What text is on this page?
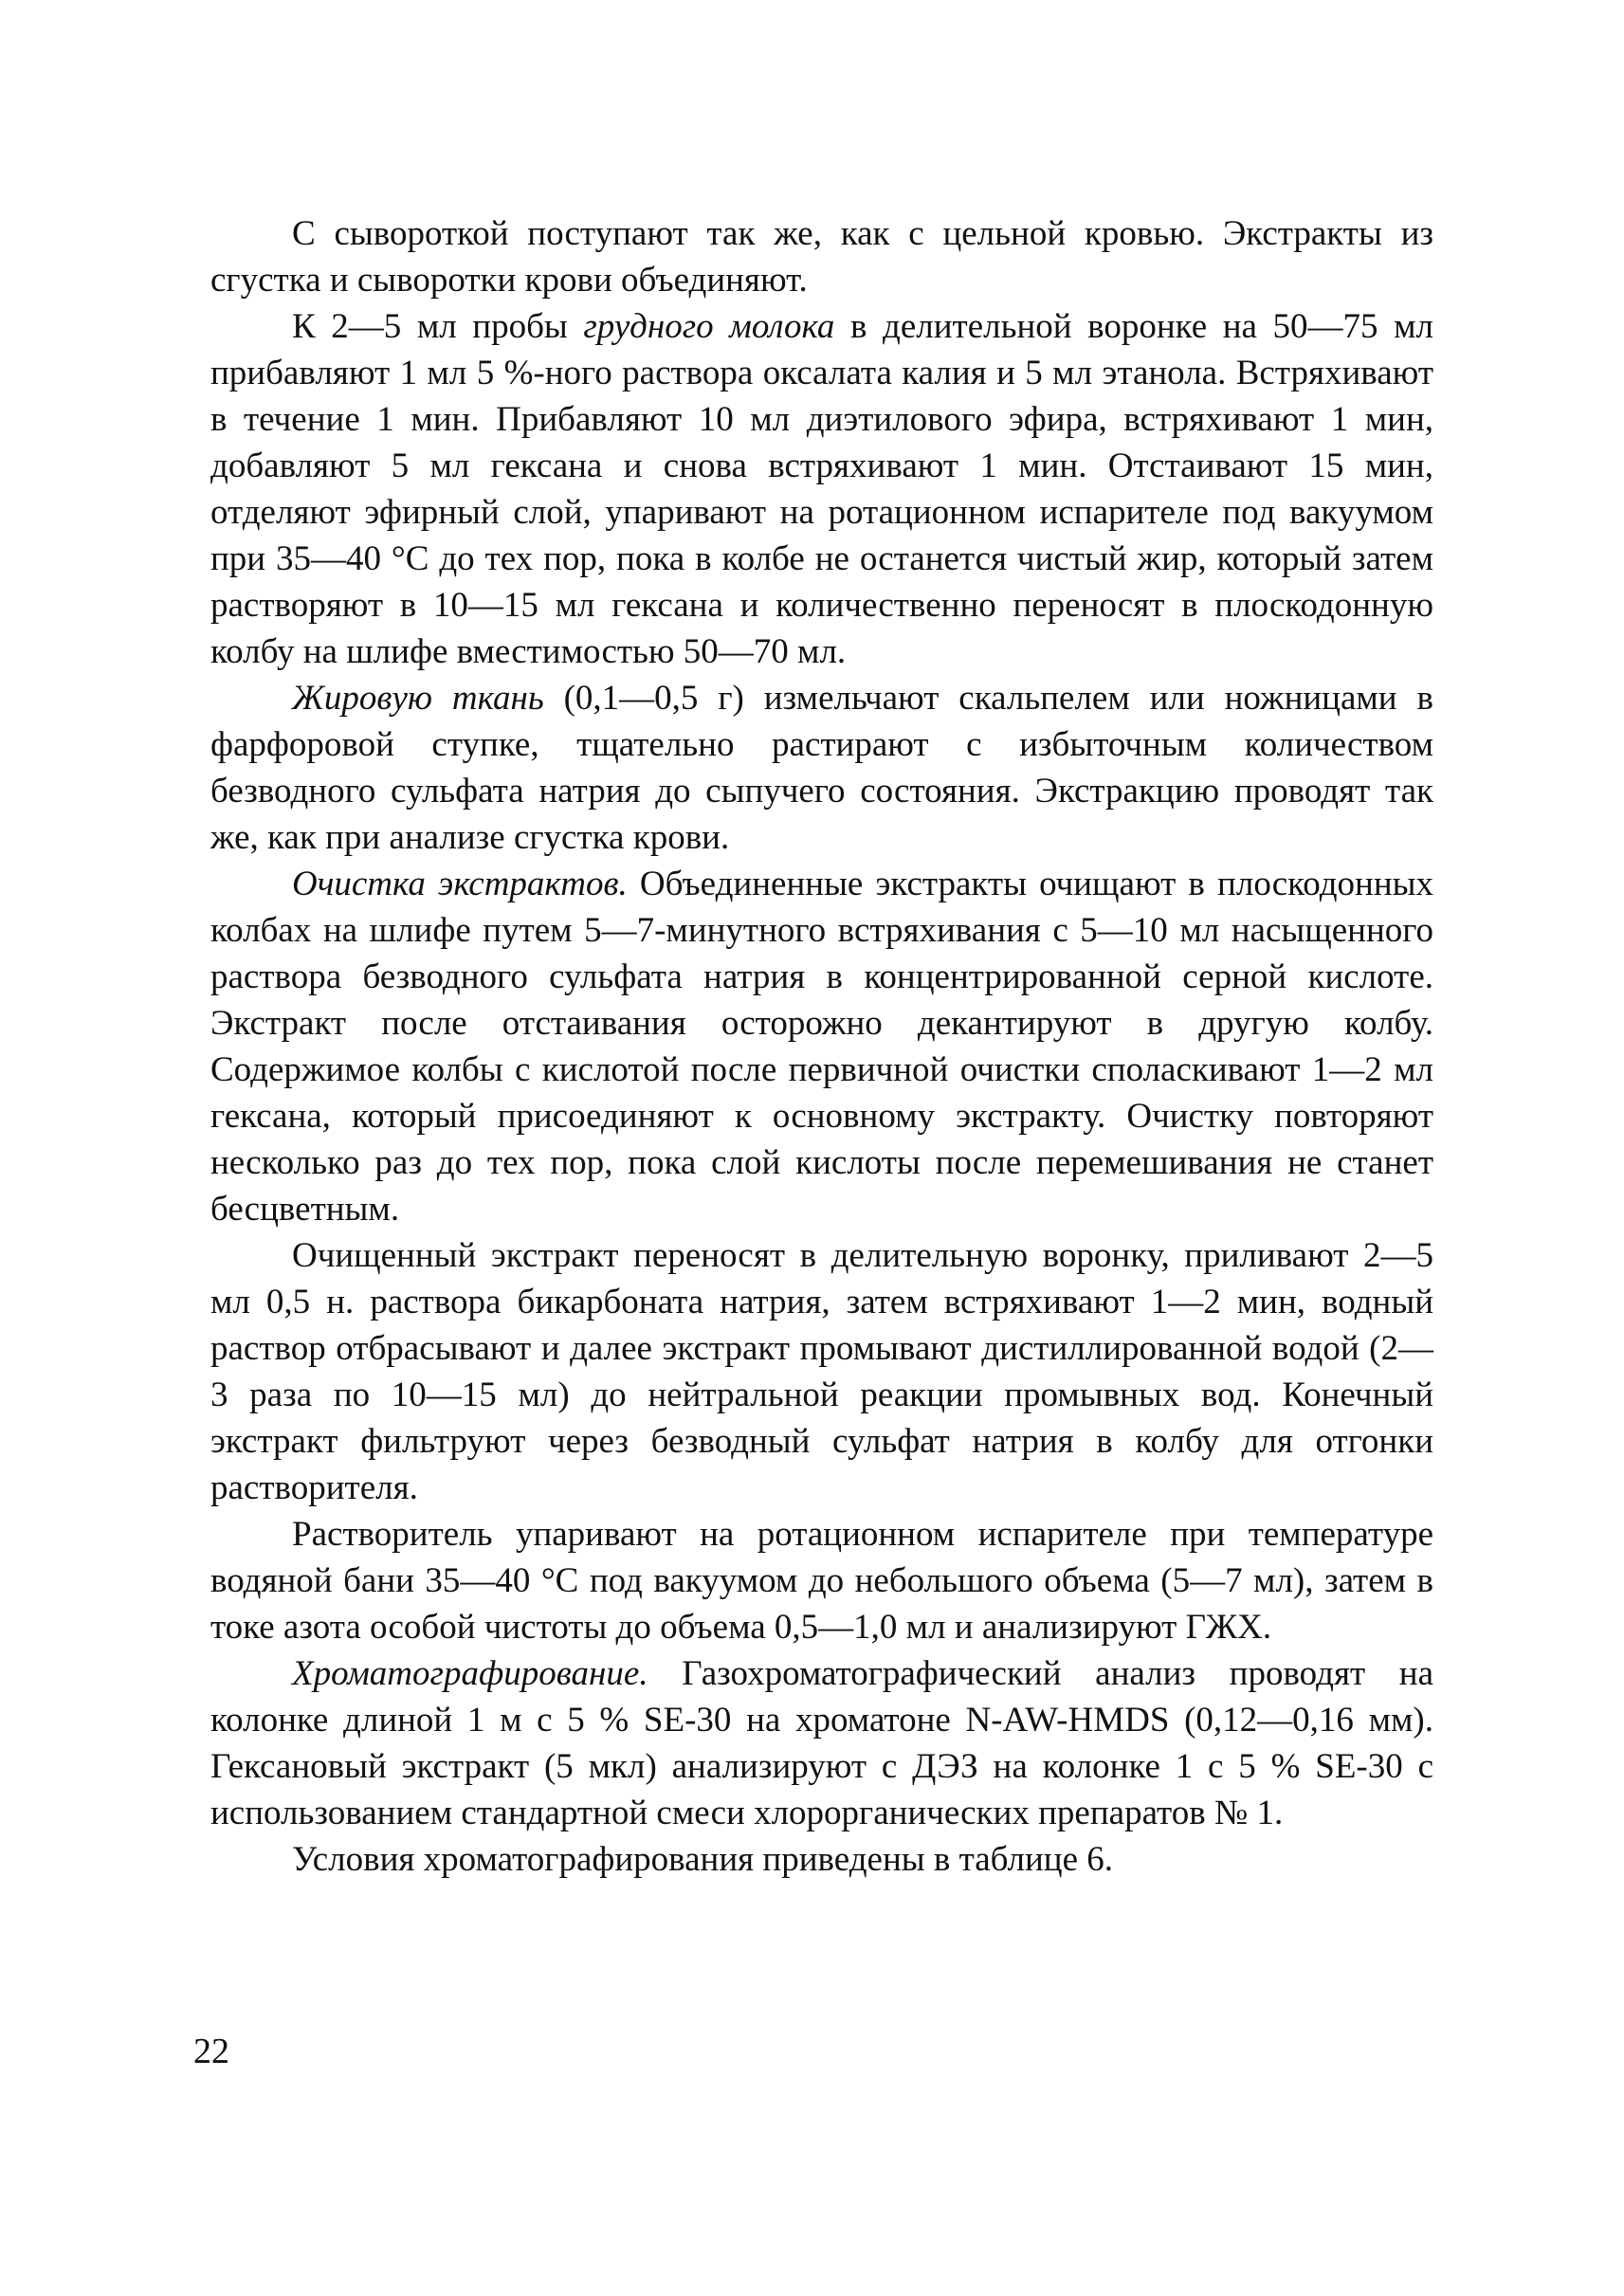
С сывороткой поступают так же, как с цельной кровью. Экстракты из сгустка и сыворотки крови объединяют.

К 2—5 мл пробы грудного молока в делительной воронке на 50—75 мл прибавляют 1 мл 5 %-ного раствора оксалата калия и 5 мл этанола. Встряхивают в течение 1 мин. Прибавляют 10 мл диэтилового эфира, встряхивают 1 мин, добавляют 5 мл гексана и снова встряхивают 1 мин. Отстаивают 15 мин, отделяют эфирный слой, упаривают на ротационном испарителе под вакуумом при 35—40 °С до тех пор, пока в колбе не останется чистый жир, который затем растворяют в 10—15 мл гексана и количественно переносят в плоскодонную колбу на шлифе вместимостью 50—70 мл.

Жировую ткань (0,1—0,5 г) измельчают скальпелем или ножницами в фарфоровой ступке, тщательно растирают с избыточным количеством безводного сульфата натрия до сыпучего состояния. Экстракцию проводят так же, как при анализе сгустка крови.

Очистка экстрактов. Объединенные экстракты очищают в плоскодонных колбах на шлифе путем 5—7-минутного встряхивания с 5—10 мл насыщенного раствора безводного сульфата натрия в концентрированной серной кислоте. Экстракт после отстаивания осторожно декантируют в другую колбу. Содержимое колбы с кислотой после первичной очистки споласкивают 1—2 мл гексана, который присоединяют к основному экстракту. Очистку повторяют несколько раз до тех пор, пока слой кислоты после перемешивания не станет бесцветным.

Очищенный экстракт переносят в делительную воронку, приливают 2—5 мл 0,5 н. раствора бикарбоната натрия, затем встряхивают 1—2 мин, водный раствор отбрасывают и далее экстракт промывают дистиллированной водой (2—3 раза по 10—15 мл) до нейтральной реакции промывных вод. Конечный экстракт фильтруют через безводный сульфат натрия в колбу для отгонки растворителя.

Растворитель упаривают на ротационном испарителе при температуре водяной бани 35—40 °С под вакуумом до небольшого объема (5—7 мл), затем в токе азота особой чистоты до объема 0,5—1,0 мл и анализируют ГЖХ.

Хроматографирование. Газохроматографический анализ проводят на колонке длиной 1 м с 5 % SE-30 на хроматоне N-AW-HMDS (0,12—0,16 мм). Гексановый экстракт (5 мкл) анализируют с ДЭЗ на колонке 1 с 5 % SE-30 с использованием стандартной смеси хлорорганических препаратов № 1.

Условия хроматографирования приведены в таблице 6.

22
